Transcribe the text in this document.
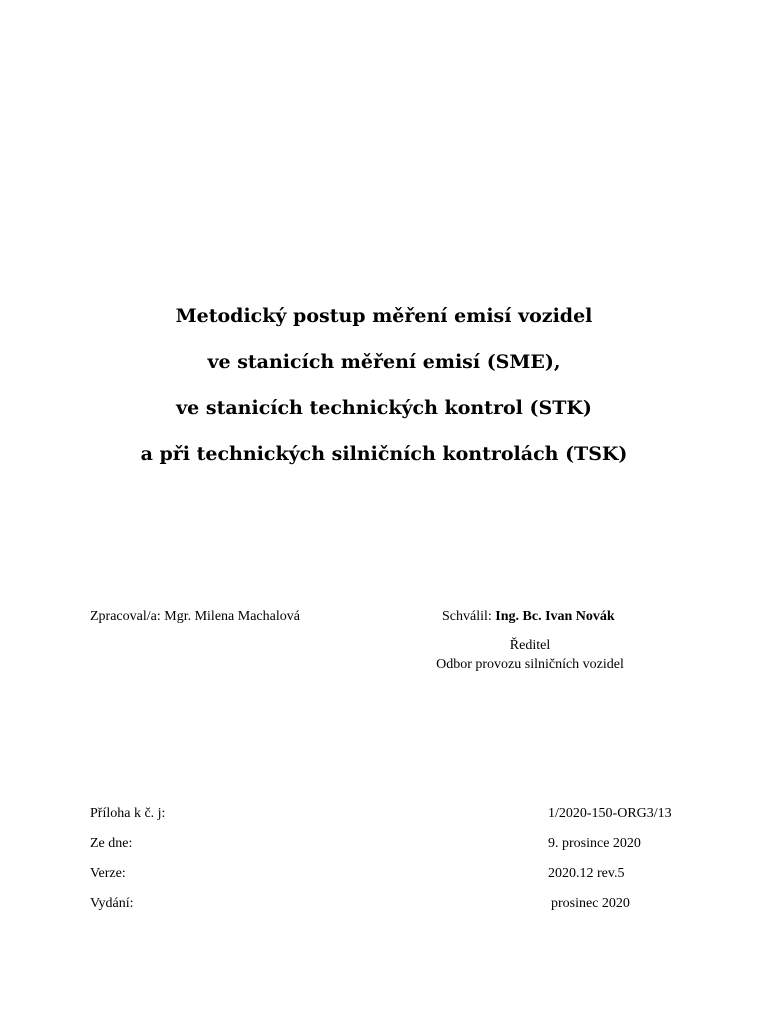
Metodický postup měření emisí vozidel
ve stanicích měření emisí (SME),
ve stanicích technických kontrol (STK)
a při technických silničních kontrolách (TSK)
Zpracoval/a: Mgr. Milena Machalová	Schválil: Ing. Bc. Ivan Novák
Ředitel
Odbor provozu silničních vozidel
Příloha k č. j:	1/2020-150-ORG3/13
Ze dne:	9. prosince 2020
Verze:	2020.12 rev.5
Vydání:	prosinec 2020
